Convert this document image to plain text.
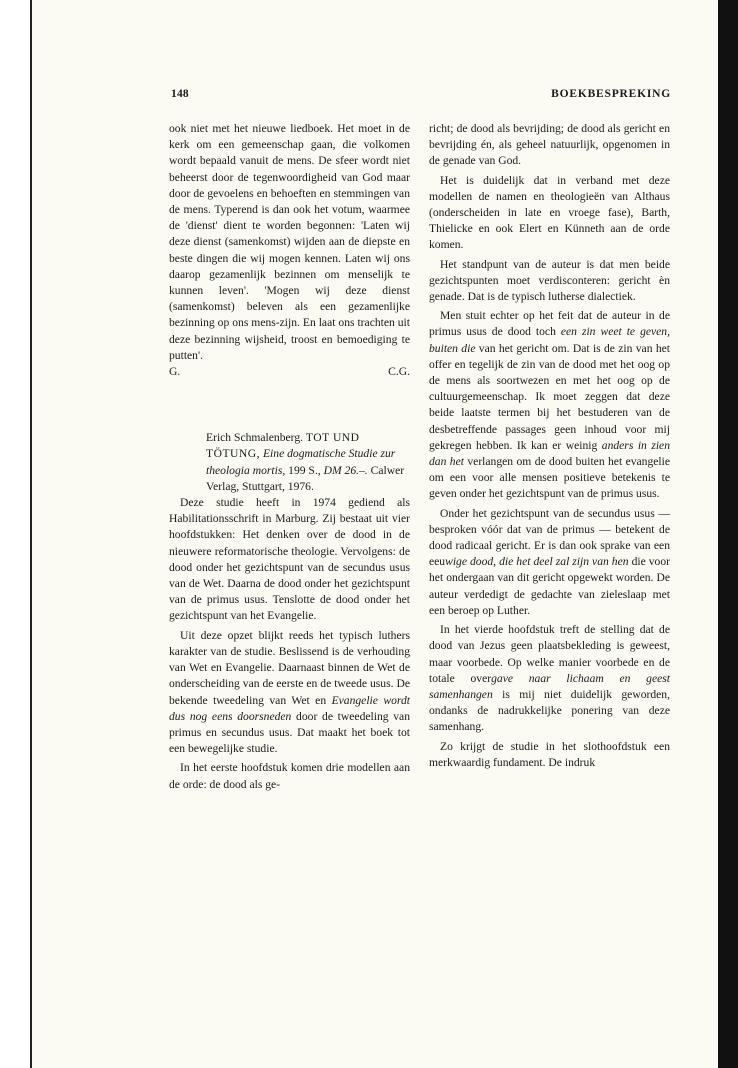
148	BOEKBESPREKING

ook niet met het nieuwe liedboek. Het moet in de kerk om een gemeenschap gaan, die volkomen wordt bepaald vanuit de mens. De sfeer wordt niet beheerst door de tegenwoordigheid van God maar door de gevoelens en behoeften en stemmingen van de mens. Typerend is dan ook het votum, waarmee de 'dienst' dient te worden begonnen: 'Laten wij deze dienst (samenkomst) wijden aan de diepste en beste dingen die wij mogen kennen. Laten wij ons daarop gezamenlijk bezinnen om menselijk te kunnen leven'. 'Mogen wij deze dienst (samenkomst) beleven als een gezamenlijke bezinning op ons mens-zijn. En laat ons trachten uit deze bezinning wijsheid, troost en bemoediging te putten'.

G.	C.G.
Erich Schmalenberg. TOT UND TÖTUNG, Eine dogmatische Studie zur theologia mortis, 199 S., DM 26.–. Calwer Verlag, Stuttgart, 1976.

Deze studie heeft in 1974 gediend als Habilitationsschrift in Marburg. Zij bestaat uit vier hoofdstukken: Het denken over de dood in de nieuwere reformatorische theologie. Vervolgens: de dood onder het gezichtspunt van de secundus usus van de Wet. Daarna de dood onder het gezichtspunt van de primus usus. Tenslotte de dood onder het gezichtspunt van het Evangelie.

Uit deze opzet blijkt reeds het typisch luthers karakter van de studie. Beslissend is de verhouding van Wet en Evangelie. Daarnaast binnen de Wet de onderscheiding van de eerste en de tweede usus. De bekende tweedeling van Wet en Evangelie wordt dus nog eens doorsneden door de tweedeling van primus en secundus usus. Dat maakt het boek tot een bewegelijke studie.

In het eerste hoofdstuk komen drie modellen aan de orde: de dood als ge-

richt; de dood als bevrijding; de dood als gericht en bevrijding én, als geheel natuurlijk, opgenomen in de genade van God.

Het is duidelijk dat in verband met deze modellen de namen en theologieën van Althaus (onderscheiden in late en vroege fase), Barth, Thielicke en ook Elert en Künneth aan de orde komen.

Het standpunt van de auteur is dat men beide gezichtspunten moet verdisconteren: gericht èn genade. Dat is de typisch lutherse dialectiek.

Men stuit echter op het feit dat de auteur in de primus usus de dood toch een zin weet te geven, buiten die van het gericht om. Dat is de zin van het offer en tegelijk de zin van de dood met het oog op de mens als soortwezen en met het oog op de cultuurgemeenschap. Ik moet zeggen dat deze beide laatste termen bij het bestuderen van de desbetreffende passages geen inhoud voor mij gekregen hebben. Ik kan er weinig anders in zien dan het verlangen om de dood buiten het evangelie om een voor alle mensen positieve betekenis te geven onder het gezichtspunt van de primus usus.

Onder het gezichtspunt van de secundus usus — besproken vóór dat van de primus — betekent de dood radicaal gericht. Er is dan ook sprake van een eeuwige dood, die het deel zal zijn van hen die voor het ondergaan van dit gericht opgewekt worden. De auteur verdedigt de gedachte van zieleslaap met een beroep op Luther.

In het vierde hoofdstuk treft de stelling dat de dood van Jezus geen plaatsbekleding is geweest, maar voorbede. Op welke manier voorbede en de totale overgave naar lichaam en geest samenhangen is mij niet duidelijk geworden, ondanks de nadrukkelijke ponering van deze samenhang.

Zo krijgt de studie in het slothoofdstuk een merkwaardig fundament. De indruk
